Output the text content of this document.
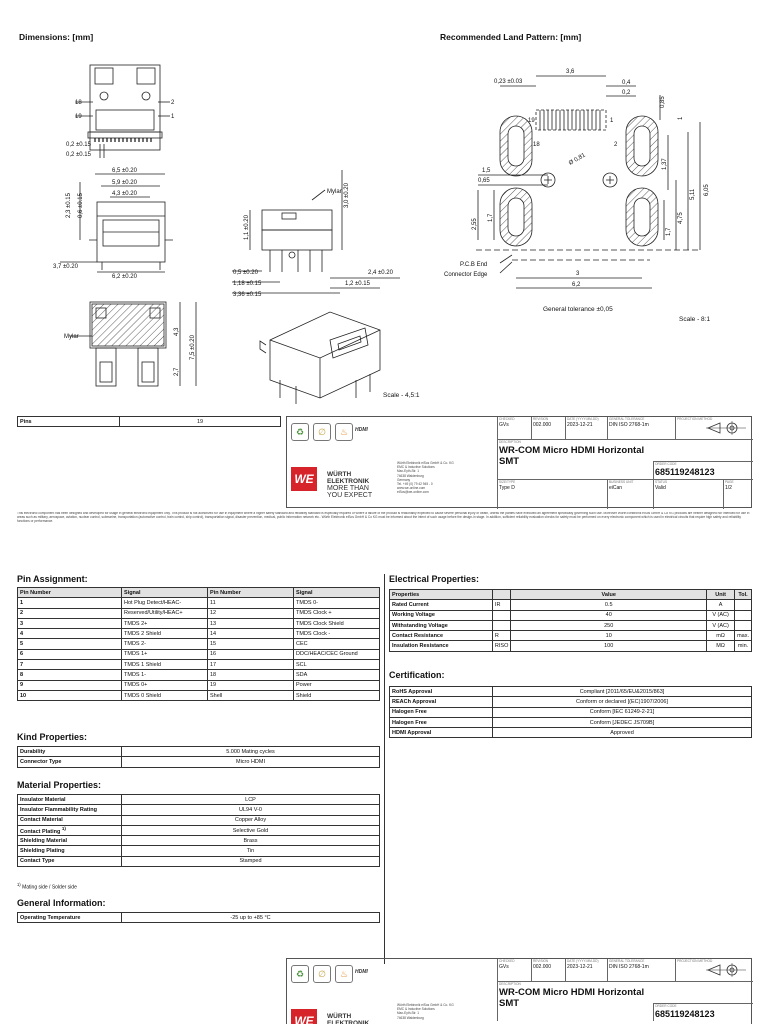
Dimensions: [mm]	Recommended Land Pattern: [mm]
18
19
2
1
0,2 ±0.15
0,2 ±0.15
6,5 ±0.20
5,9 ±0.20
4,3 ±0.20
2,3 ±0.15 0,6 ±0.15
3,7 ±0.20
6,2 ±0.20
Mylar
1,1 ±0.20
3,0 ±0.20
0,5 ±0.20
1,18 ±0.15
3,36 ±0.15
2,4 ±0.20
1,2 ±0.15
Mylar
4,3
2,7
7,5 ±0.20
3,6
0,23 ±0.03	0,4
0,2
0,85
1
19
18	2
1
1,5
0,65
Ø 0,81	1,37
2,55
1,7	4,75
5,11 6,05
1,7
3
6,2
P.C.B End
Connector Edge
General tolerance ±0,05
Scale - 8:1
Scale - 4,5:1
Pins	19
♻	∅	♨	HDMI
WE	WÜRTH
ELEKTRONIK
MORE THAN
YOU EXPECT
Würth Elektronik eiSos GmbH & Co. KG
EMC & Inductive Solutions
Max-Eyth-Str. 1
74638 Waldenburg
Germany
Tel. +49 (0) 79 42 945 - 0
www.we-online.com
eiSos@we-online.com
CHECKED
GVs
REVISION
002.000
DATE (YYYY-MM-DD)
2023-12-21
GENERAL TOLERANCE
DIN ISO 2768-1m
PROJECTION METHOD
DESCRIPTION
WR-COM Micro HDMI Horizontal SMT	ORDER CODE
685119248123
SIZE/TYPE
Type D
BUSINESS UNIT
eiCan
STATUS
Valid
PAGE
1/2
This electronic component has been designed and developed for usage in general electronic equipment only. This product is not authorized for use in equipment where a higher safety standard and reliability standard is especially required or where a failure of the product is reasonably expected to cause severe personal injury or death, unless the parties have executed an agreement specifically governing such use. Moreover Würth Elektronik eiSos GmbH & Co KG products are neither designed nor intended for use in areas such as military, aerospace, aviation, nuclear control, submarine, transportation (automotive control, train control, ship control), transportation signal, disaster prevention, medical, public information network etc.. Würth Elektronik eiSos GmbH & Co KG must be informed about the intent of such usage before the design-in stage. In addition, sufficient reliability evaluation checks for safety must be performed on every electronic component which is used in electrical circuits that require high safety and reliability functions or performance.
Pin Assignment:
Pin Number	Signal	Pin Number	Signal
1	Hot Plug Detect/HEAC-	11	TMDS 0-
2	Reserved/Utility/HEAC+	12	TMDS Clock +
3	TMDS 2+	13	TMDS Clock Shield
4	TMDS 2 Shield	14	TMDS Clock -
5	TMDS 2-	15	CEC
6	TMDS 1+	16	DDC/HEAC/CEC Ground
7	TMDS 1 Shield	17	SCL
8	TMDS 1-	18	SDA
9	TMDS 0+	19	Power
10	TMDS 0 Shield	Shell	Shield
Kind Properties:
Durability	5.000 Mating cycles
Connector Type	Micro HDMI
Material Properties:
Insulator Material	LCP
Insulator Flammability Rating	UL94 V-0
Contact Material	Copper Alloy
Contact Plating $^{1)}$	Selective Gold
Shielding Material	Brass
Shielding Plating	Tin
Contact Type	Stamped
$^{1)}$ Mating side / Solder side
General Information:
Operating Temperature	-25 up to +85 °C
Electrical Properties:
Properties		Value	Unit	Tol.
Rated Current	IR	0.5	A	
Working Voltage		40	V (AC)	
Withstanding Voltage		250	V (AC)	
Contact Resistance	R	10	mΩ	max.
Insulation Resistance	RISO	100	MΩ	min.
Certification:
RoHS Approval	Compliant [2011/65/EU&2015/863]
REACh Approval	Conform or declared [(EC)1907/2006]
Halogen Free	Conform [IEC 61249-2-21]
Halogen Free	Conform [JEDEC JS709B]
HDMI Approval	Approved
♻	∅	♨	HDMI
WE	WÜRTH
ELEKTRONIK
Würth Elektronik eiSos GmbH & Co. KG
EMC & Inductive Solutions
Max-Eyth-Str. 1
74638 Waldenburg
CHECKED
GVs
REVISION
002.000
DATE (YYYY-MM-DD)
2023-12-21
GENERAL TOLERANCE
DIN ISO 2768-1m
PROJECTION METHOD
DESCRIPTION
WR-COM Micro HDMI Horizontal SMT	ORDER CODE
685119248123
